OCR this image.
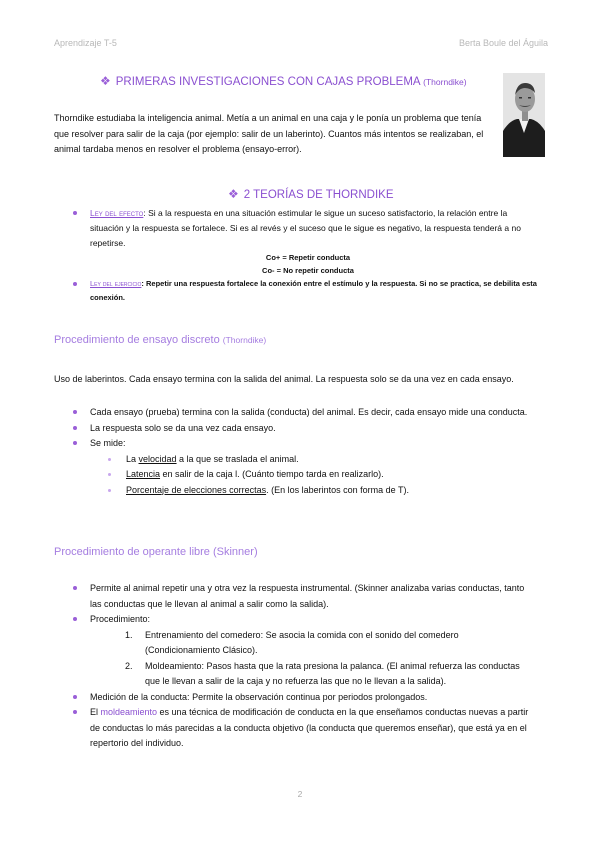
Aprendizaje T-5	Berta Boule del Águila
❖ PRIMERAS INVESTIGACIONES CON CAJAS PROBLEMA (Thorndike)
Thorndike estudiaba la inteligencia animal. Metía a un animal en una caja y le ponía un problema que tenía que resolver para salir de la caja (por ejemplo: salir de un laberinto). Cuantos más intentos se realizaban, el animal tardaba menos en resolver el problema (ensayo-error).
❖ 2 TEORÍAS DE THORNDIKE
Ley del efecto: Si a la respuesta en una situación estimular le sigue un suceso satisfactorio, la relación entre la situación y la respuesta se fortalece. Si es al revés y el suceso que le sigue es negativo, la respuesta tenderá a no repetirse.
Co+ = Repetir conducta
Co- = No repetir conducta
Ley del ejercicio: Repetir una respuesta fortalece la conexión entre el estímulo y la respuesta. Si no se practica, se debilita esta conexión.
Procedimiento de ensayo discreto (Thorndike)
Uso de laberintos. Cada ensayo termina con la salida del animal. La respuesta solo se da una vez en cada ensayo.
Cada ensayo (prueba) termina con la salida (conducta) del animal. Es decir, cada ensayo mide una conducta.
La respuesta solo se da una vez cada ensayo.
Se mide:
La velocidad a la que se traslada el animal.
Latencia en salir de la caja l. (Cuánto tiempo tarda en realizarlo).
Porcentaje de elecciones correctas. (En los laberintos con forma de T).
Procedimiento de operante libre (Skinner)
Permite al animal repetir una y otra vez la respuesta instrumental. (Skinner analizaba varias conductas, tanto las conductas que le llevan al animal a salir como la salida).
Procedimiento:
1. Entrenamiento del comedero: Se asocia la comida con el sonido del comedero (Condicionamiento Clásico).
2. Moldeamiento: Pasos hasta que la rata presiona la palanca. (El animal refuerza las conductas que le llevan a salir de la caja y no refuerza las que no le llevan a la salida).
Medición de la conducta: Permite la observación continua por periodos prolongados.
El moldeamiento es una técnica de modificación de conducta en la que enseñamos conductas nuevas a partir de conductas lo más parecidas a la conducta objetivo (la conducta que queremos enseñar), que está ya en el repertorio del individuo.
2
